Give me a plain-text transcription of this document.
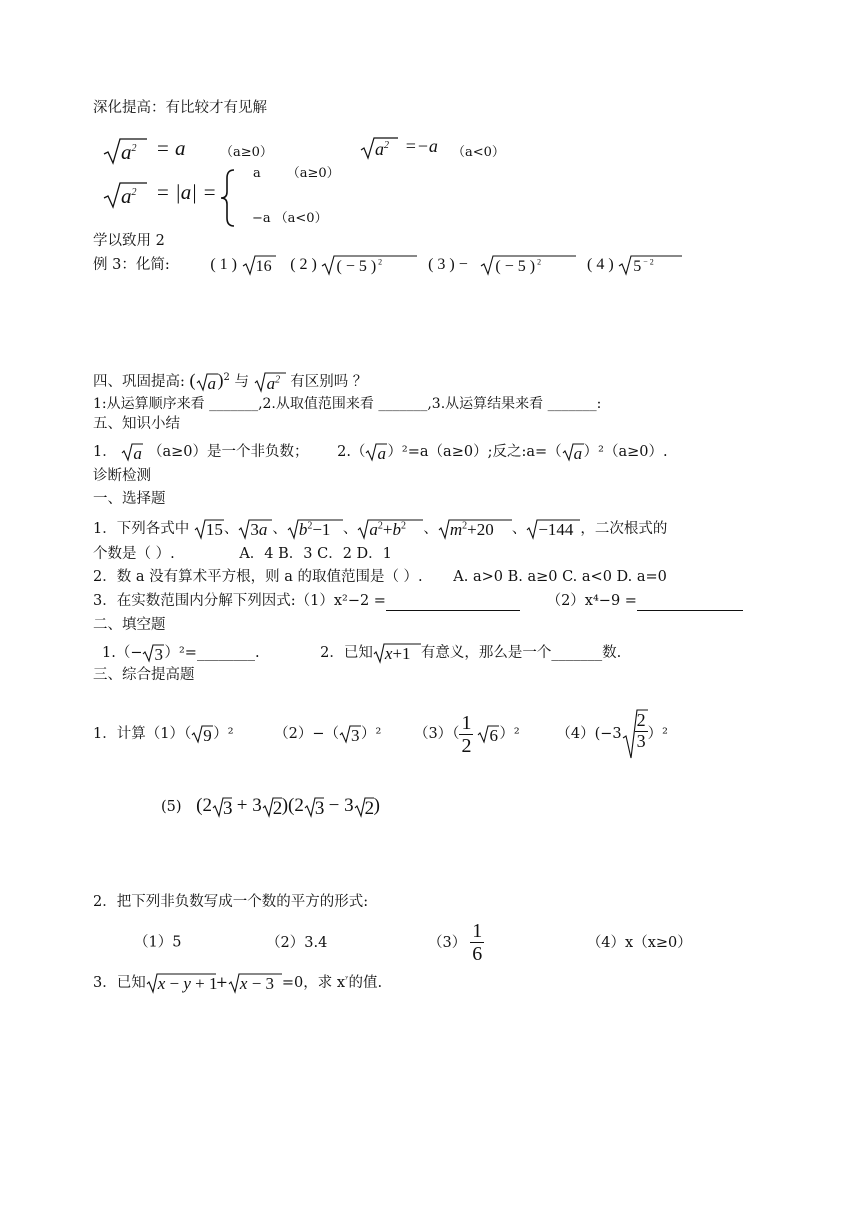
深化提高：有比较才有见解
$a^2 = a$	（a≥0）	$a^2 =-a$ （a<0）
$a^2 = |a|$ =
a （a≥0）
−a （a<0）
学以致用 2
例 3：化简:	( 1 ) 16 ( 2 ) ( − 5 ) $^2$	( 3 ) − ( − 5 ) $^2$	( 4 ) 5 $^{- 2}$
四、巩固提高: ( a )$^2$ 与 $a^2$ 有区别吗 ？
1:从运算顺序来看 _______,2.从取值范围来看 _______,3.从运算结果来看 _______:
五、知识小结
1． a （a≥0）是一个非负数； 2.（ a ）²=a（a≥0）;反之:a=（ a ）²（a≥0）.
诊断检测
一、选择题
1．下列各式中 15 、 3a 、 $b^2-1$ 、 $a^2+b^2$ 、 $m^2+20$ 、 −144 ，二次根式的
个数是（ ）.	A．4 B．3 C．2 D．1
2．数 a 没有算术平方根，则 a 的取值范围是（ ）. A. a>0 B. a≥0 C. a<0 D. a=0
3．在实数范围内分解下列因式:（1）x²−2 =	（2）x⁴−9 =
二、填空题
1.（− 3 ）²=________.	2．已知 x+1 有意义，那么是一个_______数.
三、综合提高题
1．计算（1）（ 9 ）²	（2）−（ 3 ）² $(3)( \frac{1}{2} 6$ ）²	$(4)(-3 \frac{2}{3} )^2$
(5) (2 3 + 3 2 )(2 3 − 3 2 )
2．把下列非负数写成一个数的平方的形式:
（1）5	（2）3.4	$(3) \frac{1}{6}$	（4）x（x≥0）
3．已知 x − y + 1
+ x − 3 =0，求 $x^ʸ$的值.
